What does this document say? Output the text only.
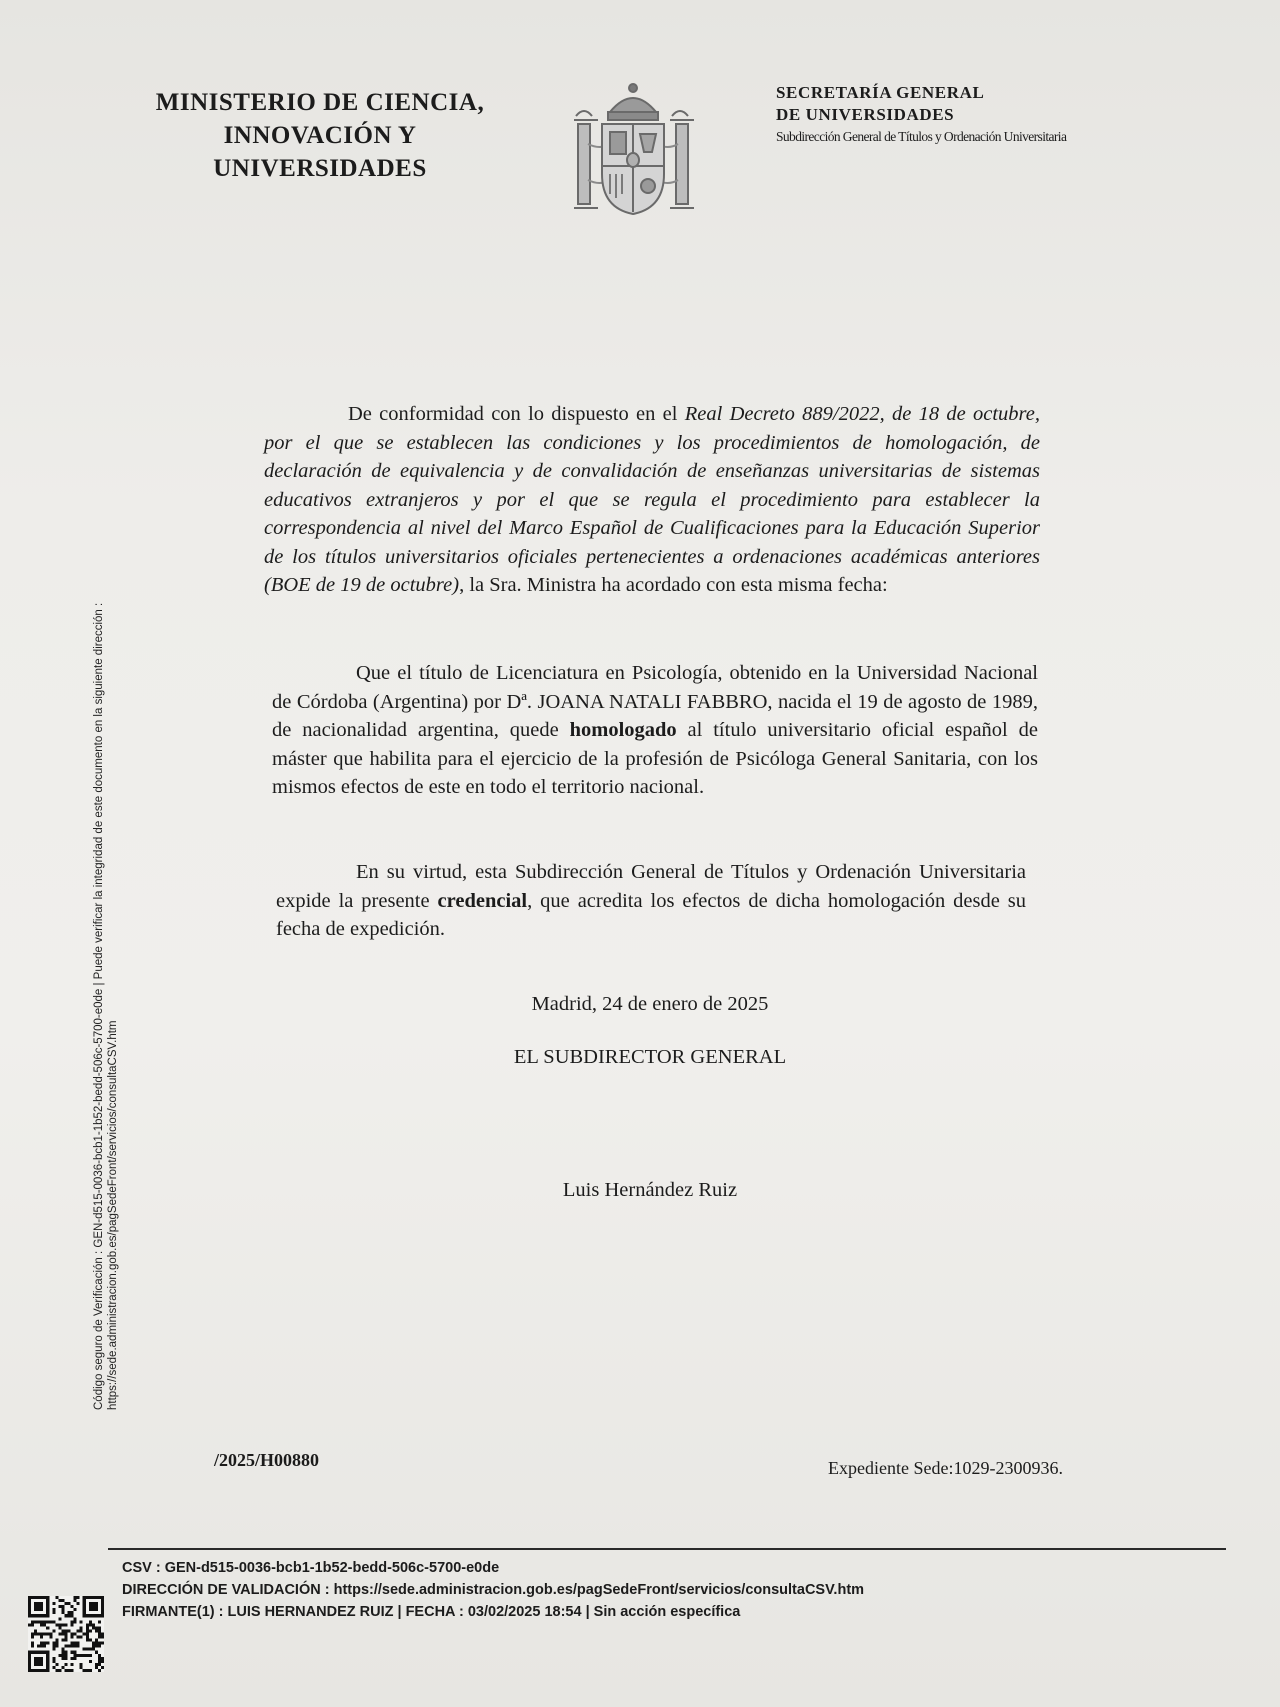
MINISTERIO DE CIENCIA,
INNOVACIÓN Y
UNIVERSIDADES
SECRETARÍA GENERAL
DE UNIVERSIDADES
Subdirección General de Títulos y Ordenación Universitaria
De conformidad con lo dispuesto en el Real Decreto 889/2022, de 18 de octubre, por el que se establecen las condiciones y los procedimientos de homologación, de declaración de equivalencia y de convalidación de enseñanzas universitarias de sistemas educativos extranjeros y por el que se regula el procedimiento para establecer la correspondencia al nivel del Marco Español de Cualificaciones para la Educación Superior de los títulos universitarios oficiales pertenecientes a ordenaciones académicas anteriores (BOE de 19 de octubre), la Sra. Ministra ha acordado con esta misma fecha:
Que el título de Licenciatura en Psicología, obtenido en la Universidad Nacional de Córdoba (Argentina) por Dª. JOANA NATALI FABBRO, nacida el 19 de agosto de 1989, de nacionalidad argentina, quede homologado al título universitario oficial español de máster que habilita para el ejercicio de la profesión de Psicóloga General Sanitaria, con los mismos efectos de este en todo el territorio nacional.
En su virtud, esta Subdirección General de Títulos y Ordenación Universitaria expide la presente credencial, que acredita los efectos de dicha homologación desde su fecha de expedición.
Madrid, 24 de enero de 2025
EL SUBDIRECTOR GENERAL
Luis Hernández Ruiz
Código seguro de Verificación : GEN-d515-0036-bcb1-1b52-bedd-506c-5700-e0de | Puede verificar la integridad de este documento en la siguiente dirección : https://sede.administracion.gob.es/pagSedeFront/servicios/consultaCSV.htm
/2025/H00880	Expediente Sede:1029-2300936.
CSV : GEN-d515-0036-bcb1-1b52-bedd-506c-5700-e0de
DIRECCIÓN DE VALIDACIÓN : https://sede.administracion.gob.es/pagSedeFront/servicios/consultaCSV.htm
FIRMANTE(1) : LUIS HERNANDEZ RUIZ | FECHA : 03/02/2025 18:54 | Sin acción específica
